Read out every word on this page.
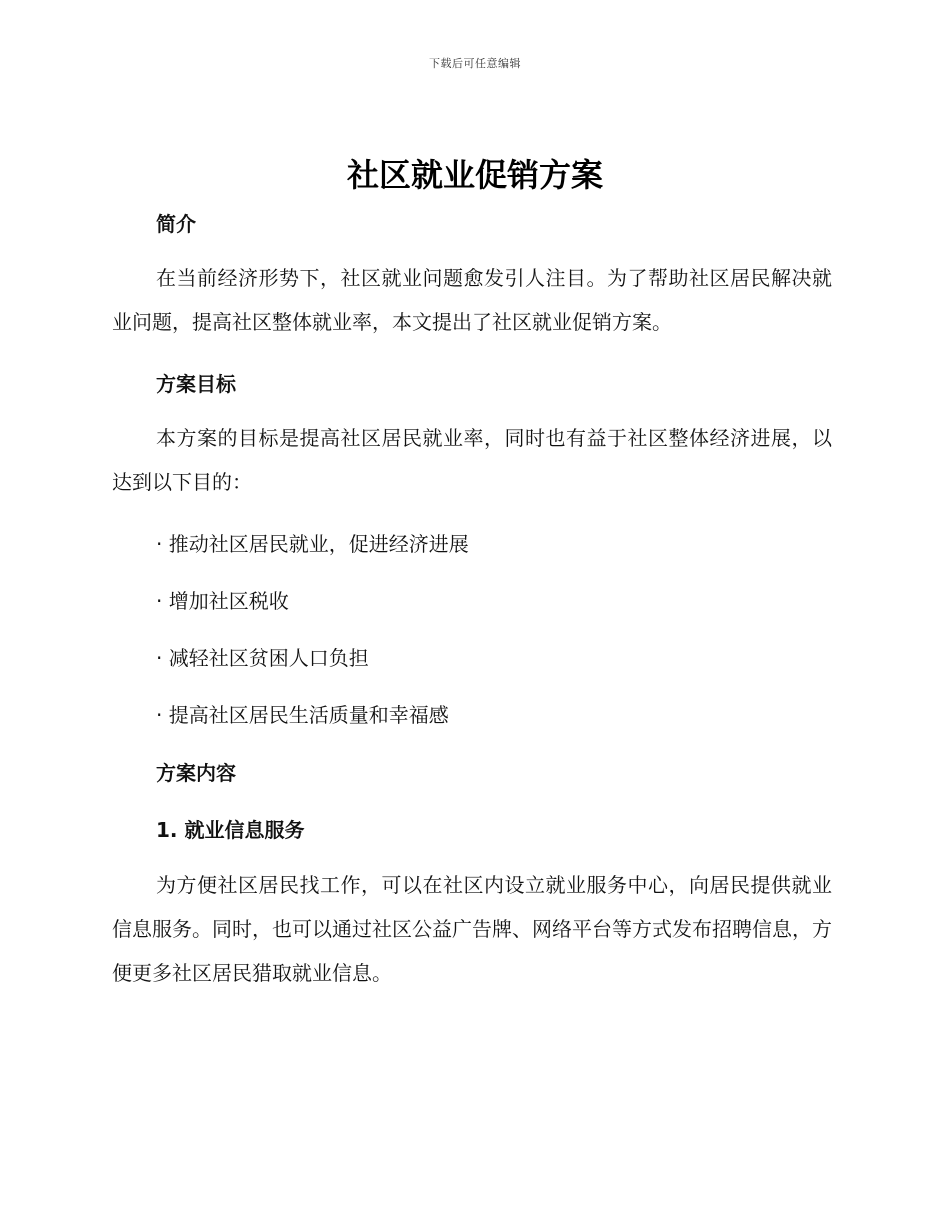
下载后可任意编辑
社区就业促销方案
简介
在当前经济形势下，社区就业问题愈发引人注目。为了帮助社区居民解决就业问题，提高社区整体就业率，本文提出了社区就业促销方案。
方案目标
本方案的目标是提高社区居民就业率，同时也有益于社区整体经济进展，以达到以下目的：
· 推动社区居民就业，促进经济进展
· 增加社区税收
· 减轻社区贫困人口负担
· 提高社区居民生活质量和幸福感
方案内容
1. 就业信息服务
为方便社区居民找工作，可以在社区内设立就业服务中心，向居民提供就业信息服务。同时，也可以通过社区公益广告牌、网络平台等方式发布招聘信息，方便更多社区居民猎取就业信息。
